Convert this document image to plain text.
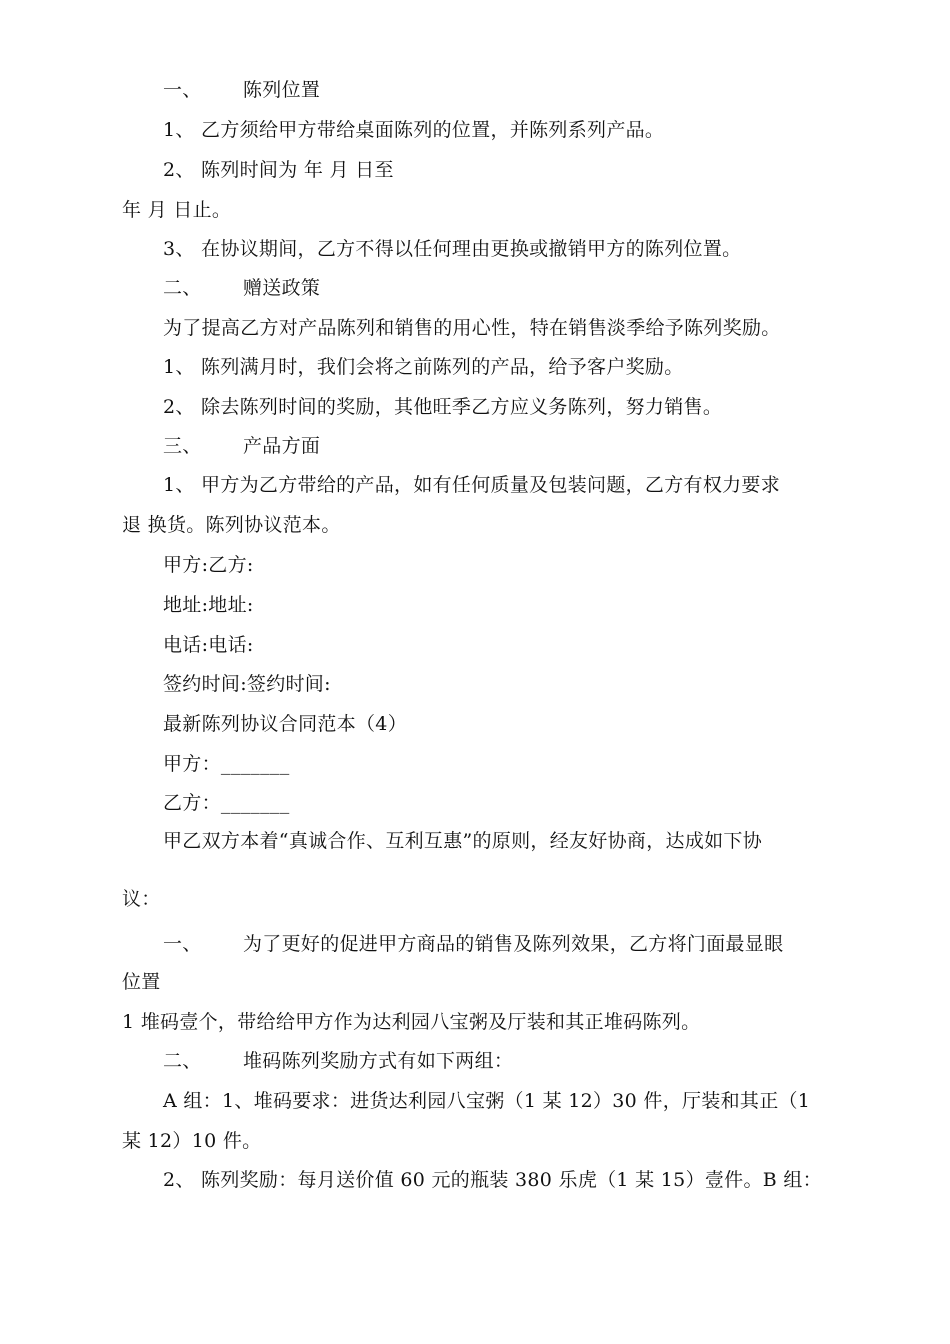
一、 陈列位置
1、 乙方须给甲方带给桌面陈列的位置，并陈列系列产品。
2、 陈列时间为 年 月 日至
年 月 日止。
3、 在协议期间，乙方不得以任何理由更换或撤销甲方的陈列位置。
二、 赠送政策
为了提高乙方对产品陈列和销售的用心性，特在销售淡季给予陈列奖励。
1、 陈列满月时，我们会将之前陈列的产品，给予客户奖励。
2、 除去陈列时间的奖励，其他旺季乙方应义务陈列，努力销售。
三、 产品方面
1、 甲方为乙方带给的产品，如有任何质量及包装问题，乙方有权力要求
退 换货。陈列协议范本。
甲方:乙方:
地址:地址:
电话:电话:
签约时间:签约时间:
最新陈列协议合同范本（4）
甲方：_______
乙方：_______
甲乙双方本着“真诚合作、互利互惠”的原则，经友好协商，达成如下协
议：
一、 为了更好的促进甲方商品的销售及陈列效果，乙方将门面最显眼
位置
1 堆码壹个，带给给甲方作为达利园八宝粥及厅装和其正堆码陈列。
二、 堆码陈列奖励方式有如下两组：
A 组：1、堆码要求：进货达利园八宝粥（1 某 12）30 件，厅装和其正（1
某 12）10 件。
2、 陈列奖励：每月送价值 60 元的瓶装 380 乐虎（1 某 15）壹件。B 组：
